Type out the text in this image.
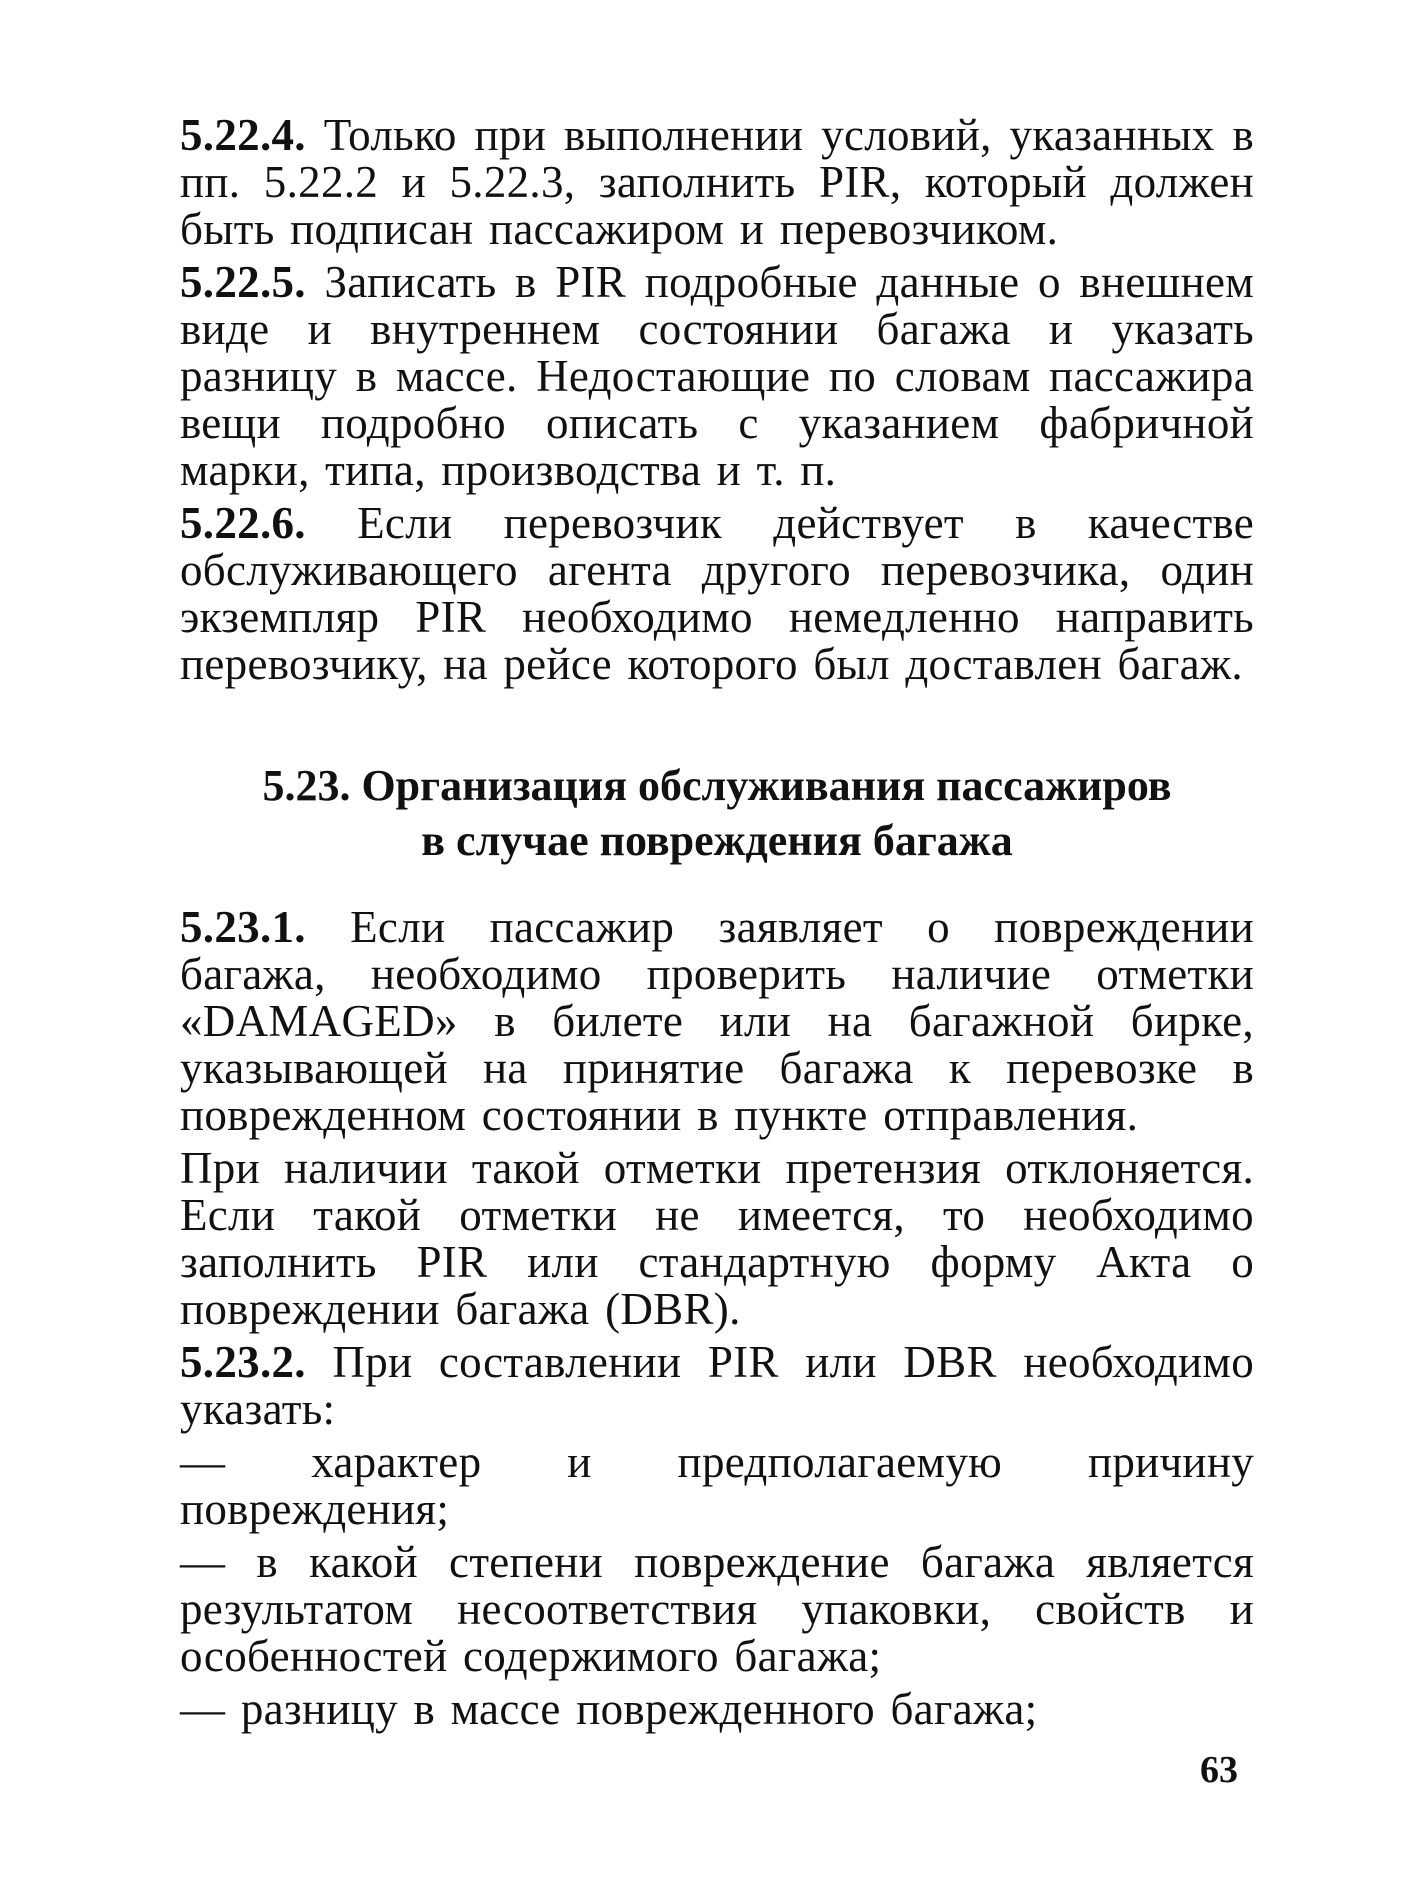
5.22.4. Только при выполнении условий, указанных в пп. 5.22.2 и 5.22.3, заполнить PIR, который должен быть подписан пассажиром и перевозчиком.

5.22.5. Записать в PIR подробные данные о внешнем виде и внутреннем состоянии багажа и указать разницу в массе. Недостающие по словам пассажира вещи подробно описать с указанием фабричной марки, типа, производства и т. п.

5.22.6. Если перевозчик действует в качестве обслуживающего агента другого перевозчика, один экземпляр PIR необходимо немедленно направить перевозчику, на рейсе которого был доставлен багаж.

5.23. Организация обслуживания пассажиров
в случае повреждения багажа

5.23.1. Если пассажир заявляет о повреждении багажа, необходимо проверить наличие отметки «DAMAGED» в билете или на багажной бирке, указывающей на принятие багажа к перевозке в поврежденном состоянии в пункте отправления.

При наличии такой отметки претензия отклоняется. Если такой отметки не имеется, то необходимо заполнить PIR или стандартную форму Акта о повреждении багажа (DBR).

5.23.2. При составлении PIR или DBR необходимо указать:

— характер и предполагаемую причину повреждения;

— в какой степени повреждение багажа является результатом несоответствия упаковки, свойств и особенностей содержимого багажа;

— разницу в массе поврежденного багажа;

63
